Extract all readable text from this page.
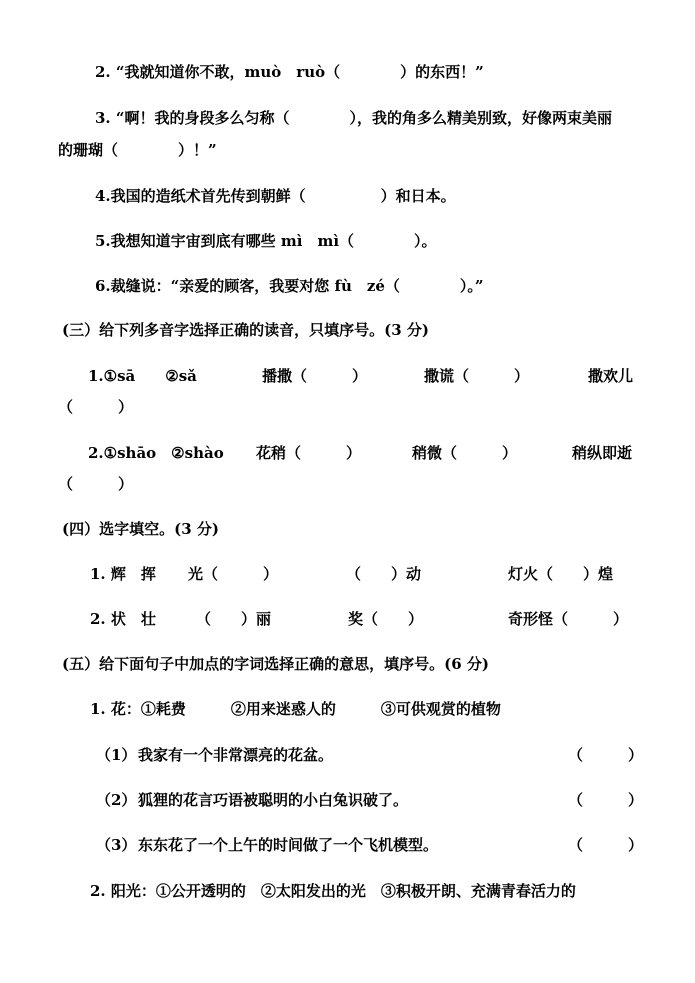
2. “我就知道你不敢，muò　ruò（　　　　）的东西！”
3. “啊！我的身段多么匀称（　　　　），我的角多么精美别致，好像两束美丽
的珊瑚（　　　　）！”
4.我国的造纸术首先传到朝鲜（　　　　　）和日本。
5.我想知道宇宙到底有哪些 mì　mì（　　　　）。
6.裁缝说：“亲爱的顾客，我要对您 fù　zé（　　　　）。”
(三）给下列多音字选择正确的读音，只填序号。(3 分)
1.①sā　　②sǎ	播撒（　　　）	撒谎（　　　）	撒欢儿
（　　　）
2.①shāo　②shào 花稍（　　　）	稍微（　　　）	稍纵即逝
（　　　）
(四）选字填空。(3 分)
1. 辉　挥 光（　　　）	（　　）动	灯火（　　）煌
2. 状　壮	（　　）丽	奖（　　）	奇形怪（　　　）
(五）给下面句子中加点的字词选择正确的意思，填序号。(6 分)
1. 花：①耗费　　　②用来迷惑人的　　　③可供观赏的植物
（1） 我家有一个非常漂亮的花盆。	（　　　）
（2） 狐狸的花言巧语被聪明的小白兔识破了。	（　　　）
（3） 东东花了一个上午的时间做了一个飞机模型。	（　　　）
2. 阳光：①公开透明的　②太阳发出的光　③积极开朗、充满青春活力的
